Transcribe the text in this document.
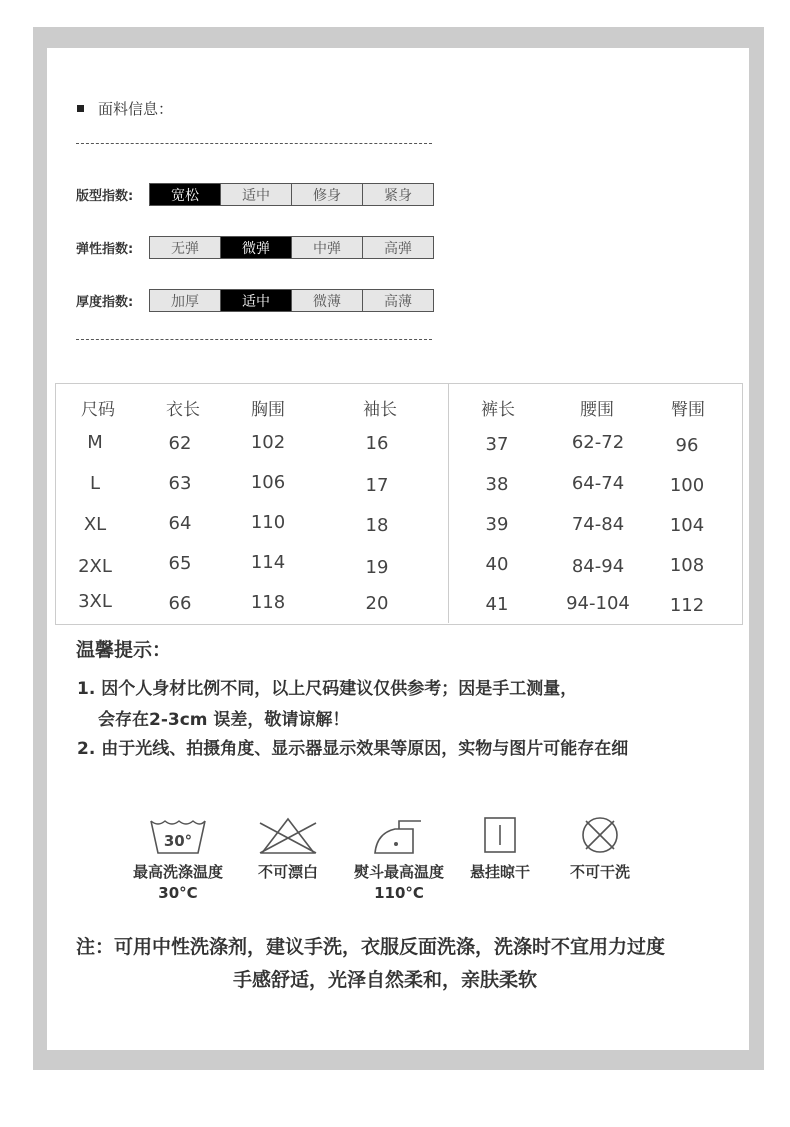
面料信息：
版型指数:	宽松	适中	修身	紧身
弹性指数:	无弹	微弹	中弹	高弹
厚度指数:	加厚	适中	微薄	高薄
尺码	衣长	胸围	袖长	裤长	腰围	臀围
M	62	102	16	37	62-72	96
L	63	106	17	38	64-74	100
XL	64	110	18	39	74-84	104
2XL	65	114	19	40	84-94	108
3XL	66	118	20	41	94-104	112
温馨提示：
1. 因个人身材比例不同，以上尺码建议仅供参考；因是手工测量，
会存在2-3cm 误差，敬请谅解！
2. 由于光线、拍摄角度、显示器显示效果等原因，实物与图片可能存在细
30°
最高洗涤温度
30°C
不可漂白	熨斗最高温度
110°C
悬挂晾干	不可干洗
注：可用中性洗涤剂，建议手洗，衣服反面洗涤，洗涤时不宜用力过度
手感舒适，光泽自然柔和，亲肤柔软
